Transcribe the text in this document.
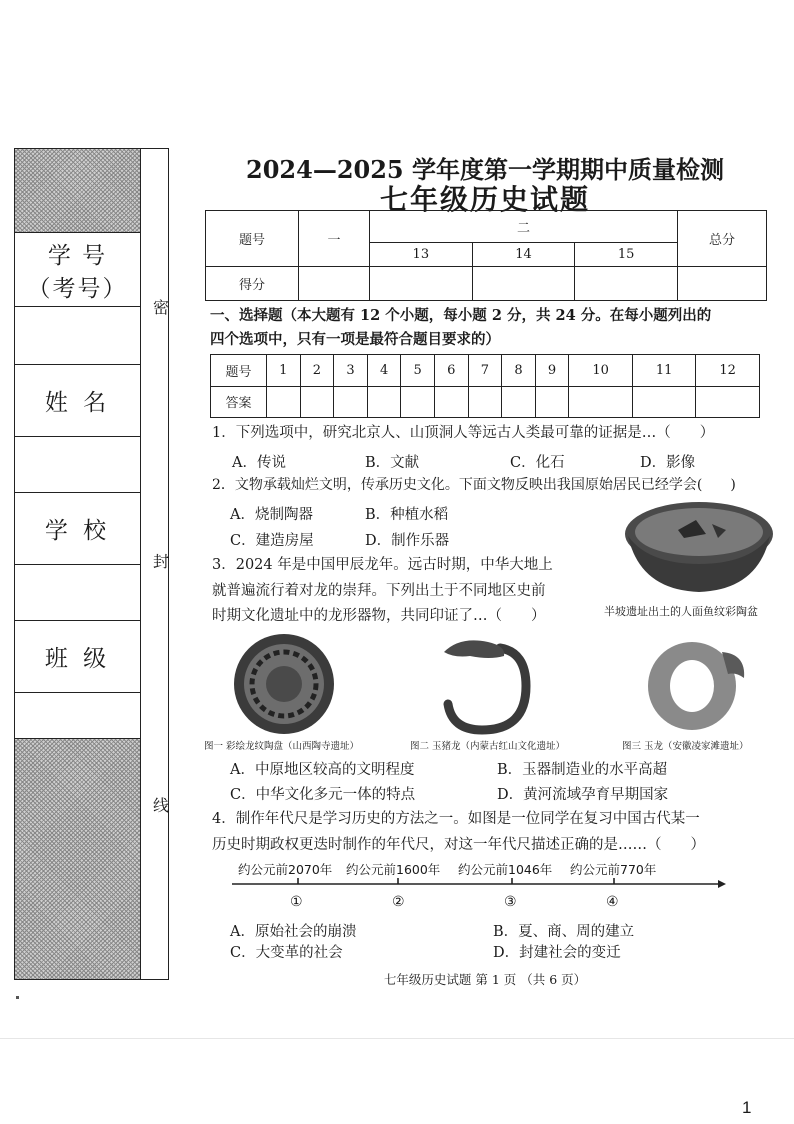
学 号
（考号）
姓 名
学 校
班 级
密
封
线
2024—2025 学年度第一学期期中质量检测
七年级历史试题
题号	一	二			总分
		13	14	15	
得分					
一、选择题（本大题有 12 个小题，每小题 2 分，共 24 分。在每小题列出的
四个选项中，只有一项是最符合题目要求的）
题号	1	2	3	4	5	6	7	8	9	10	11	12
答案												
1．下列选项中，研究北京人、山顶洞人等远古人类最可靠的证据是…（　　）
A．传说	B．文献	C．化石	D．影像
2．文物承载灿烂文明，传承历史文化。下面文物反映出我国原始居民已经学会(　　)
A．烧制陶器	B．种植水稻
C．建造房屋	D．制作乐器
半坡遗址出土的人面鱼纹彩陶盆
3．2024 年是中国甲辰龙年。远古时期，中华大地上
就普遍流行着对龙的崇拜。下列出土于不同地区史前
时期文化遗址中的龙形器物，共同印证了…（　　）
图一 彩绘龙纹陶盘（山西陶寺遗址）	图二 玉猪龙（内蒙古红山文化遗址）	图三 玉龙（安徽凌家滩遗址）
A．中原地区较高的文明程度	B．玉器制造业的水平高超
C．中华文化多元一体的特点	D．黄河流域孕育早期国家
4．制作年代尺是学习历史的方法之一。如图是一位同学在复习中国古代某一
历史时期政权更迭时制作的年代尺，对这一年代尺描述正确的是……（　　）
约公元前2070年 约公元前1600年 约公元前1046年 约公元前770年
①	②	③	④
A．原始社会的崩溃	B．夏、商、周的建立
C．大变革的社会	D．封建社会的变迁
七年级历史试题 第 1 页 （共 6 页）
1
